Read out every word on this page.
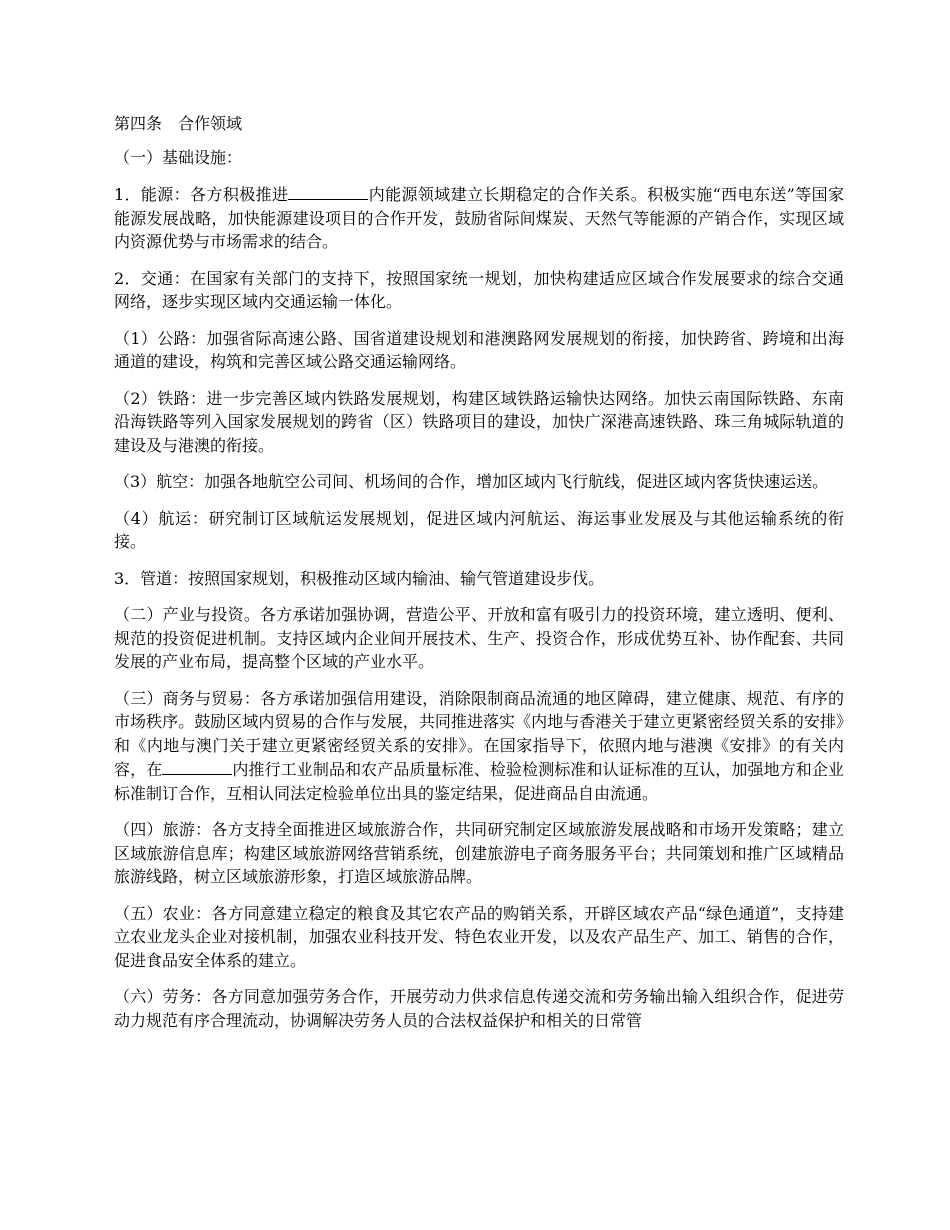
第四条　合作领域

（一）基础设施：

1．能源：各方积极推进	内能源领域建立长期稳定的合作关系。积极实施“西电东送”等国家能源发展战略，加快能源建设项目的合作开发，鼓励省际间煤炭、天然气等能源的产销合作，实现区域内资源优势与市场需求的结合。

2．交通：在国家有关部门的支持下，按照国家统一规划，加快构建适应区域合作发展要求的综合交通网络，逐步实现区域内交通运输一体化。

（1）公路：加强省际高速公路、国省道建设规划和港澳路网发展规划的衔接，加快跨省、跨境和出海通道的建设，构筑和完善区域公路交通运输网络。

（2）铁路：进一步完善区域内铁路发展规划，构建区域铁路运输快达网络。加快云南国际铁路、东南沿海铁路等列入国家发展规划的跨省（区）铁路项目的建设，加快广深港高速铁路、珠三角城际轨道的建设及与港澳的衔接。

（3）航空：加强各地航空公司间、机场间的合作，增加区域内飞行航线，促进区域内客货快速运送。

（4）航运：研究制订区域航运发展规划，促进区域内河航运、海运事业发展及与其他运输系统的衔接。

3．管道：按照国家规划，积极推动区域内输油、输气管道建设步伐。

（二）产业与投资。各方承诺加强协调，营造公平、开放和富有吸引力的投资环境，建立透明、便利、规范的投资促进机制。支持区域内企业间开展技术、生产、投资合作，形成优势互补、协作配套、共同发展的产业布局，提高整个区域的产业水平。

（三）商务与贸易：各方承诺加强信用建设，消除限制商品流通的地区障碍，建立健康、规范、有序的市场秩序。鼓励区域内贸易的合作与发展，共同推进落实《内地与香港关于建立更紧密经贸关系的安排》和《内地与澳门关于建立更紧密经贸关系的安排》。在国家指导下，依照内地与港澳《安排》的有关内容，在	内推行工业制品和农产品质量标准、检验检测标准和认证标准的互认，加强地方和企业标准制订合作，互相认同法定检验单位出具的鉴定结果，促进商品自由流通。

（四）旅游：各方支持全面推进区域旅游合作，共同研究制定区域旅游发展战略和市场开发策略；建立区域旅游信息库；构建区域旅游网络营销系统，创建旅游电子商务服务平台；共同策划和推广区域精品旅游线路，树立区域旅游形象，打造区域旅游品牌。

（五）农业：各方同意建立稳定的粮食及其它农产品的购销关系，开辟区域农产品“绿色通道”，支持建立农业龙头企业对接机制，加强农业科技开发、特色农业开发，以及农产品生产、加工、销售的合作，促进食品安全体系的建立。

（六）劳务：各方同意加强劳务合作，开展劳动力供求信息传递交流和劳务输出输入组织合作，促进劳动力规范有序合理流动，协调解决劳务人员的合法权益保护和相关的日常管
